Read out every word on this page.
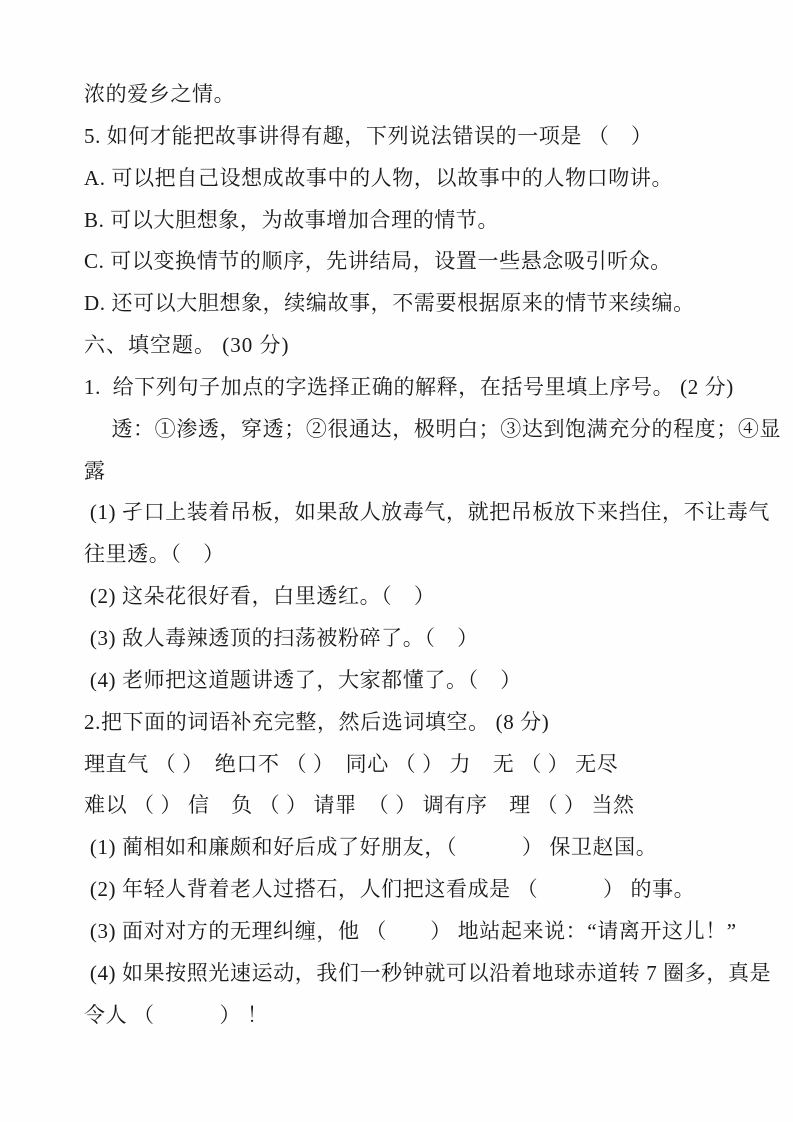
浓的爱乡之情。
5. 如何才能把故事讲得有趣，下列说法错误的一项是 （　）
A. 可以把自己设想成故事中的人物，以故事中的人物口吻讲。
B. 可以大胆想象，为故事增加合理的情节。
C. 可以变换情节的顺序，先讲结局，设置一些悬念吸引听众。
D. 还可以大胆想象，续编故事，不需要根据原来的情节来续编。
六、填空题。 (30 分)
1.  给下列句子加点的字选择正确的解释，在括号里填上序号。 (2 分)
　 透：①渗透，穿透；②很通达，极明白；③达到饱满充分的程度；④显
露
(1) 孑口上装着吊板，如果敌人放毒气，就把吊板放下来挡住，不让毒气
往里透。（　）
(2) 这朵花很好看，白里透红。（　）
(3) 敌人毒辣透顶的扫荡被粉碎了。（　）
(4) 老师把这道题讲透了，大家都懂了。（　）
2.把下面的词语补充完整，然后选词填空。 (8 分)
理直气 （ ）　绝口不 （ ）　同心 （ ） 力　无 （ ） 无尽
难以 （ ） 信　负 （ ） 请罪　（ ） 调有序　理 （ ） 当然
(1) 蔺相如和廉颇和好后成了好朋友，（　　　） 保卫赵国。
(2) 年轻人背着老人过搭石，人们把这看成是 （　　　） 的事。
(3) 面对对方的无理纠缠，他 （　　） 地站起来说：“请离开这儿！”
(4) 如果按照光速运动，我们一秒钟就可以沿着地球赤道转 7 圈多，真是
令人 （　　　） ！
